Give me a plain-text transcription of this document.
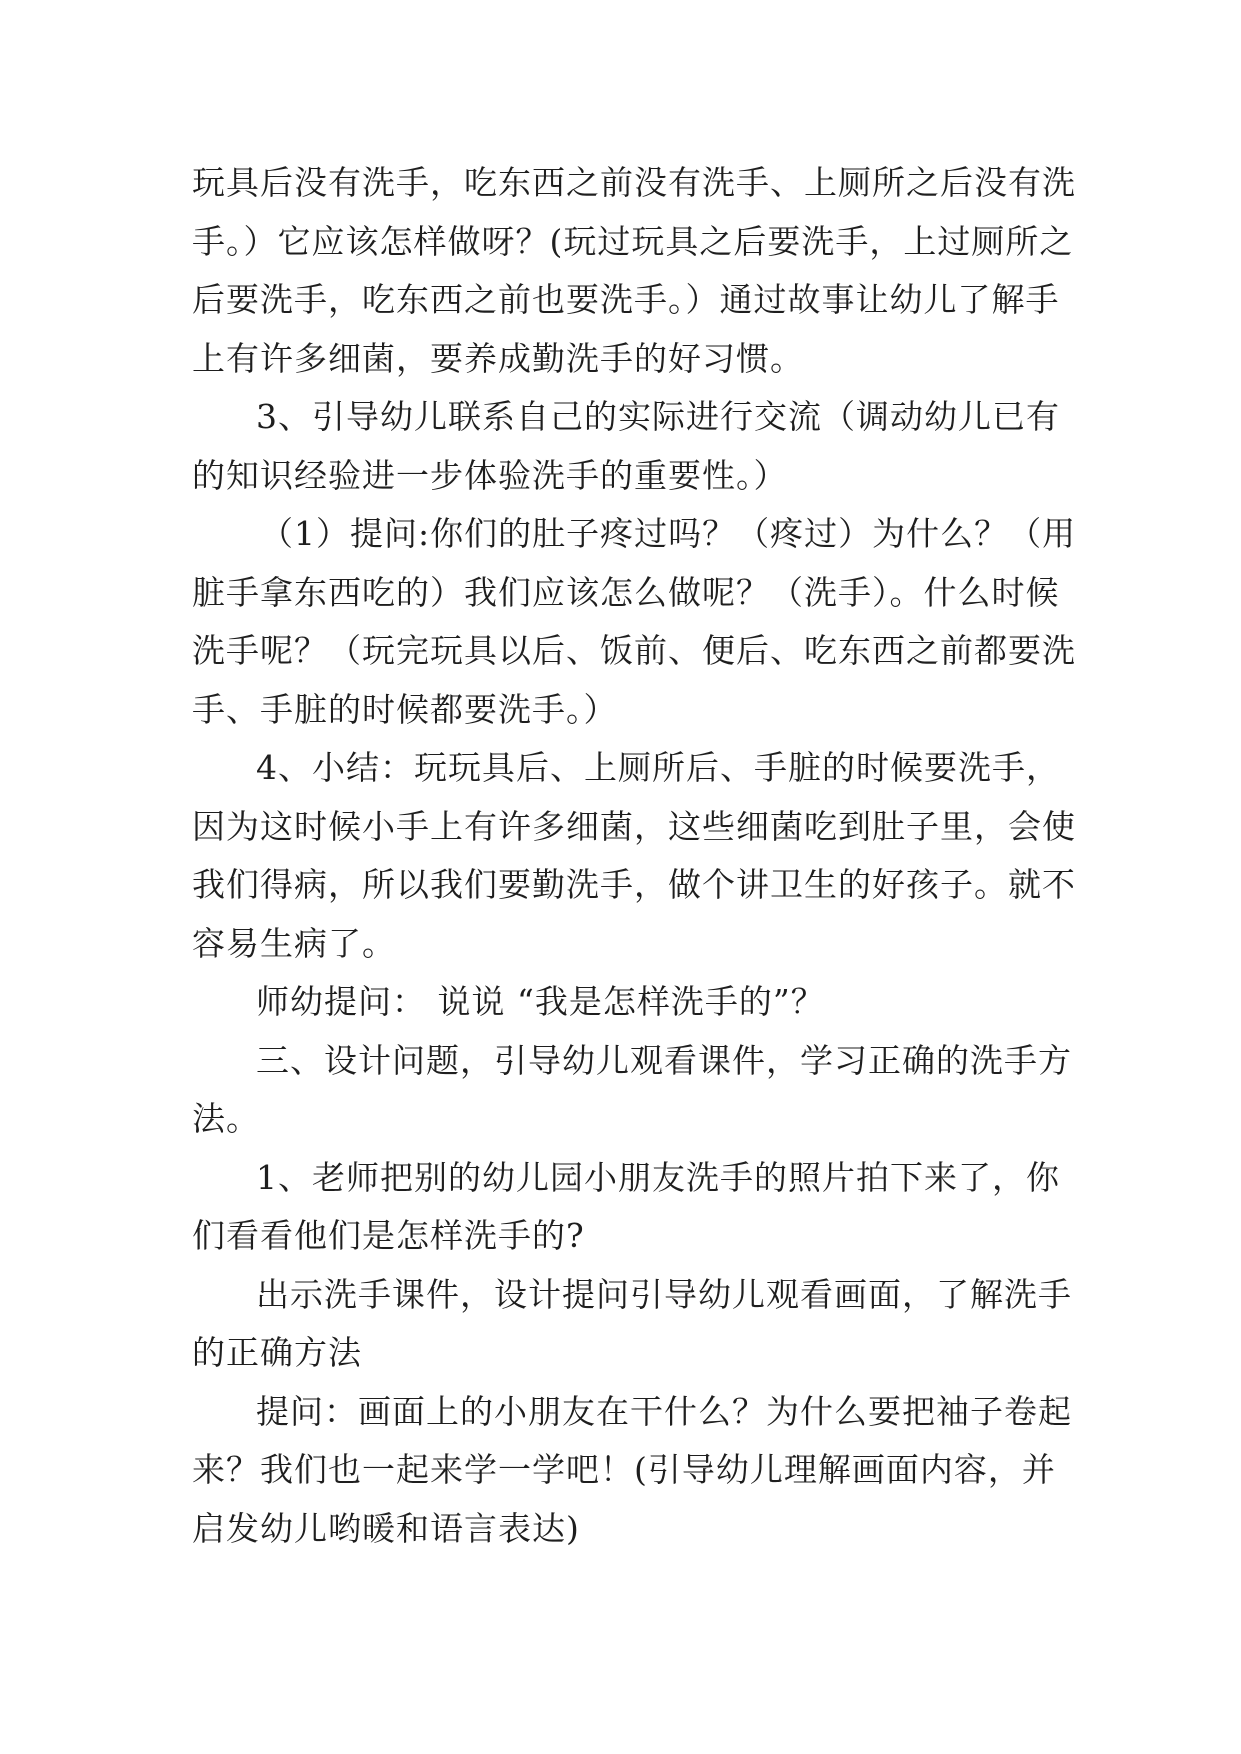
玩具后没有洗手，吃东西之前没有洗手、上厕所之后没有洗
手。）它应该怎样做呀？(玩过玩具之后要洗手，上过厕所之
后要洗手，吃东西之前也要洗手。）通过故事让幼儿了解手
上有许多细菌，要养成勤洗手的好习惯。
3、引导幼儿联系自己的实际进行交流（调动幼儿已有
的知识经验进一步体验洗手的重要性。）
（1）提问:你们的肚子疼过吗？（疼过）为什么？（用
脏手拿东西吃的）我们应该怎么做呢？（洗手）。什么时候
洗手呢？（玩完玩具以后、饭前、便后、吃东西之前都要洗
手、手脏的时候都要洗手。）
4、小结：玩玩具后、上厕所后、手脏的时候要洗手，
因为这时候小手上有许多细菌，这些细菌吃到肚子里，会使
我们得病，所以我们要勤洗手，做个讲卫生的好孩子。就不
容易生病了。
师幼提问： 说说 “我是怎样洗手的”？
三、设计问题，引导幼儿观看课件，学习正确的洗手方
法。
1、老师把别的幼儿园小朋友洗手的照片拍下来了，你
们看看他们是怎样洗手的?
出示洗手课件，设计提问引导幼儿观看画面，了解洗手
的正确方法
提问：画面上的小朋友在干什么？为什么要把袖子卷起
来？我们也一起来学一学吧！(引导幼儿理解画面内容，并
启发幼儿哟暖和语言表达)
